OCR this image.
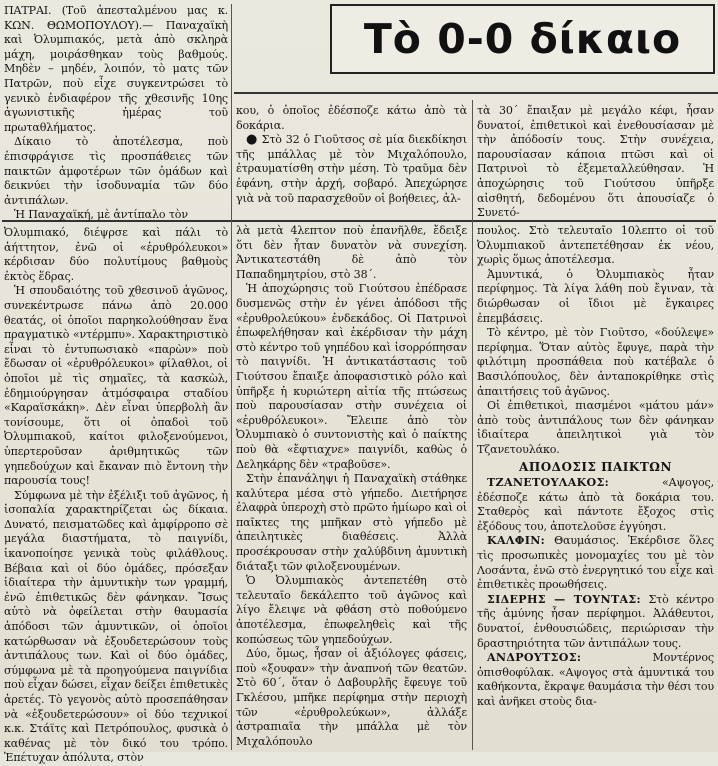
Τὸ 0-0 δίκαιο

ΠΑΤΡΑΙ. (Τοῦ ἀπεσταλμένου μας κ. ΚΩΝ. ΘΩΜΟΠΟΥΛΟΥ).— Παναχαϊκὴ καὶ Ὀλυμπιακός, μετὰ ἀπὸ σκληρὰ μάχη, μοιράσθηκαν τοὺς βαθμούς. Μηδὲν – μηδέν, λοιπόν, τὸ ματς τῶν Πατρῶν, ποὺ εἶχε συγκεντρώσει τὸ γενικὸ ἐνδιαφέρον τῆς χθεσινῆς 10ης ἀγωνιστικῆς ἡμέρας τοῦ πρωταθλήματος.

Δίκαιο τὸ ἀποτέλεσμα, ποὺ ἐπισφράγισε τὶς προσπάθειες τῶν παικτῶν ἀμφοτέρων τῶν ὁμάδων καὶ δεικνύει τὴν ἰσοδυναμία τῶν δύο ἀντιπάλων.

Ἡ Παναχαϊκή, μὲ ἀντίπαλο τὸν

κου, ὁ ὁποῖος ἐδέσποζε κάτω ἀπὸ τὰ δοκάρια.

● Στὸ 32 ὁ Γιοῦτσος σὲ μία διεκδίκησι τῆς μπάλλας μὲ τὸν Μιχαλόπουλο, ἐτραυματίσθη στὴν μέση. Τὸ τραῦμα δὲν ἐφάνη, στὴν ἀρχή, σοβαρό. Ἀπεχώρησε γιὰ νὰ τοῦ παρασχεθοῦν οἱ βοήθειες, ἀλ-

τὰ 30΄ ἔπαιξαν μὲ μεγάλο κέφι, ἦσαν δυνατοί, ἐπιθετικοὶ καὶ ἐνεθουσίασαν μὲ τὴν ἀπόδοσίν τους. Στὴν συνέχεια, παρουσίασαν κάποια πτῶσι καὶ οἱ Πατρινοὶ τὸ ἐξεμεταλλεύθησαν. Ἡ ἀποχώρησις τοῦ Γιούτσου ὑπῆρξε αἰσθητή, δεδομένου ὅτι ἀπουσίαζε ὁ Συνετό-

Ὀλυμπιακό, διέψρσε καὶ πάλι τὸ ἀήττητον, ἐνῶ οἱ «ἐρυθρόλευκοι» κέρδισαν δύο πολυτίμους βαθμοὺς ἐκτὸς ἕδρας.

Ἡ σπουδαιότης τοῦ χθεσινοῦ ἀγῶνος, συνεκέντρωσε πάνω ἀπὸ 20.000 θεατάς, οἱ ὁποῖοι παρηκολούθησαν ἕνα πραγματικὸ «ντέρμπυ». Χαρακτηριστικὸ εἶναι τὸ ἐντυπωσιακὸ «παρὼν» ποὺ ἔδωσαν οἱ «ἐρυθρόλευκοι» φίλαθλοι, οἱ ὁποῖοι μὲ τὶς σημαῖες, τὰ κασκὼλ, ἐδημιούργησαν ἀτμόσφαιρα σταδίου «Καραϊσκάκη». Δὲν εἶναι ὑπερβολὴ ἂν τονίσουμε, ὅτι οἱ ὀπαδοὶ τοῦ Ὀλυμπιακοῦ, καίτοι φιλοξενούμενοι, ὑπερτεροῦσαν ἀριθμητικῶς τῶν γηπεδούχων καὶ ἔκαναν πιὸ ἔντονη τὴν παρουσία τους!

Σύμφωνα μὲ τὴν ἐξέλιξι τοῦ ἀγῶνος, ἡ ἰσοπαλία χαρακτηρίζεται ὡς δίκαια. Δυνατό, πεισματῶδες καὶ ἀμφίρροπο σὲ μεγάλα διαστήματα, τὸ παιγνίδι, ἱκανοποίησε γενικὰ τοὺς φιλάθλους. Βέβαια καὶ οἱ δύο ὁμάδες, πρόσεξαν ἰδιαίτερα τὴν ἀμυντικὴν των γραμμή, ἐνῶ ἐπιθετικῶς δὲν φάνηκαν. Ἴσως αὐτὸ νὰ ὀφείλεται στὴν θαυμασία ἀπόδοσι τῶν ἀμυντικῶν, οἱ ὁποῖοι κατώρθωσαν νὰ ἐξουδετερώσουν τοὺς ἀντιπάλους των. Καὶ οἱ δύο ὁμάδες, σύμφωνα μὲ τὰ προηγούμενα παιγνίδια ποὺ εἶχαν δώσει, εἶχαν δείξει ἐπιθετικὲς ἀρετές. Τὸ γεγονὸς αὐτὸ προσεπάθησαν νὰ «ἐξουδετερώσουν» οἱ δύο τεχνικοί κ.κ. Στάϊτς καὶ Πετρόπουλος, φυσικὰ ὁ καθένας μὲ τὸν δικό του τρόπο. Ἐπέτυχαν ἀπόλυτα, στὸν

λὰ μετὰ 4λεπτον ποὺ ἐπανῆλθε, ἔδειξε ὅτι δὲν ἦταν δυνατὸν νὰ συνεχίση. Ἀντικατεστάθη δὲ ἀπὸ τὸν Παπαδημητρίου, στὸ 38΄.

Ἡ ἀποχώρησις τοῦ Γιούτσου ἐπέδρασε δυσμενῶς στὴν ἐν γένει ἀπόδοσι τῆς «ἐρυθρολεύκου» ἐνδεκάδος. Οἱ Πατρινοὶ ἐπωφελήθησαν καὶ ἐκέρδισαν τὴν μάχη στὸ κέντρο τοῦ γηπέδου καὶ ἰσορρόπησαν τὸ παιγνίδι. Ἡ ἀντικατάστασις τοῦ Γιούτσου ἔπαιξε ἀποφασιστικὸ ρόλο καὶ ὑπῆρξε ἡ κυριώτερη αἰτία τῆς πτώσεως ποὺ παρουσίασαν στὴν συνέχεια οἱ «ἐρυθρόλευκοι». Ἔλειπε ἀπὸ τὸν Ὀλυμπιακὸ ὁ συντονιστὴς καὶ ὁ παίκτης ποὺ θὰ «ἔφτιαχνε» παιγνίδι, καθὼς ὁ Δεληκάρης δὲν «τραβοῦσε».

Στὴν ἐπανάληψι ἡ Παναχαϊκὴ στάθηκε καλύτερα μέσα στὸ γήπεδο. Διετήρησε ἐλαφρὰ ὑπεροχὴ στὸ πρῶτο ἡμίωρο καὶ οἱ παῖκτες της μπῆκαν στὸ γήπεδο μὲ ἀπειλητικὲς διαθέσεις. Ἀλλὰ προσέκρουσαν στὴν χαλύβδινη ἀμυντικὴ διάταξι τῶν φιλοξενουμένων.

Ὁ Ὀλυμπιακὸς ἀντεπετέθη στὸ τελευταῖο δεκάλεπτο τοῦ ἀγῶνος καὶ λίγο ἔλειψε νὰ φθάση στὸ ποθούμενο ἀποτέλεσμα, ἐπωφεληθεὶς καὶ τῆς κοπώσεως τῶν γηπεδούχων.

Δύο, ὅμως, ἦσαν οἱ ἀξιόλογες φάσεις, ποὺ «ξουφαν» τὴν ἀναπνοή τῶν θεατῶν. Στὸ 60΄, ὅταν ὁ Δαβουρλῆς ἔφευγε τοῦ Γκλέσου, μπῆκε περίφημα στὴν περιοχὴ τῶν «ἐρυθρολεύκων», ἀλλάξε ἀστραπιαῖα τὴν μπάλλα μὲ τὸν Μιχαλόπουλο

πουλος. Στὸ τελευταῖο 10λεπτο οἱ τοῦ Ὀλυμπιακοῦ ἀντεπετέθησαν ἐκ νέου, χωρὶς ὅμως ἀποτέλεσμα.

Ἀμυντικά, ὁ Ὀλυμπιακὸς ἦταν περίφημος. Τὰ λίγα λάθη ποὺ ἔγιναν, τὰ διώρθωσαν οἱ ἴδιοι μὲ ἔγκαιρες ἐπεμβάσεις.

Τὸ κέντρο, μὲ τὸν Γιοῦτσο, «δούλεψε» περίφημα. Ὅταν αὐτὸς ἔφυγε, παρὰ τὴν φιλότιμη προσπάθεια ποὺ κατέβαλε ὁ Βασιλόπουλος, δὲν ἀνταποκρίθηκε στὶς ἀπαιτήσεις τοῦ ἀγῶνος.

Οἱ ἐπιθετικοὶ, πιασμένοι «μάτου μάν» ἀπὸ τοὺς ἀντιπάλους των δὲν φάνηκαν ἰδιαίτερα ἀπειλητικοὶ γιὰ τὸν Τζανετουλάκο.

ΑΠΟΔΟΣΙΣ ΠΑΙΚΤΩΝ

ΤΖΑΝΕΤΟΥΛΑΚΟΣ:	«Αψογος, ἐδέσποζε κάτω ἀπὸ τὰ δοκάρια του. Σταθερὸς καὶ πάντοτε ἔξοχος στὶς ἐξόδους του, ἀποτελοῦσε ἐγγύησι.

ΚΑΛΦΙΝ: Θαυμάσιος. Ἐκέρδισε ὅλες τὶς προσωπικὲς μονομαχίες του μὲ τὸν Λοσάντα, ἐνῶ στὸ ἐνεργητικό του εἶχε καὶ ἐπιθετικὲς προωθήσεις.

ΣΙΔΕΡΗΣ — ΤΟΥΝΤΑΣ: Στὸ κέντρο τῆς ἀμύνης ἦσαν περίφημοι. Ἀλάθευτοι, δυνατοί, ἐνθουσιώδεις, περιώρισαν τὴν δραστηριότητα τῶν ἀντιπάλων τους.

ΑΝΔΡΟΥΤΣΟΣ:	Μοντέρνος ὀπισθοφύλακ. «Αψογος στὰ ἀμυντικά του καθήκοντα, ἔκραψε θαυμάσια τὴν θέσι του καὶ ἀνῆκει στοὺς δια-
